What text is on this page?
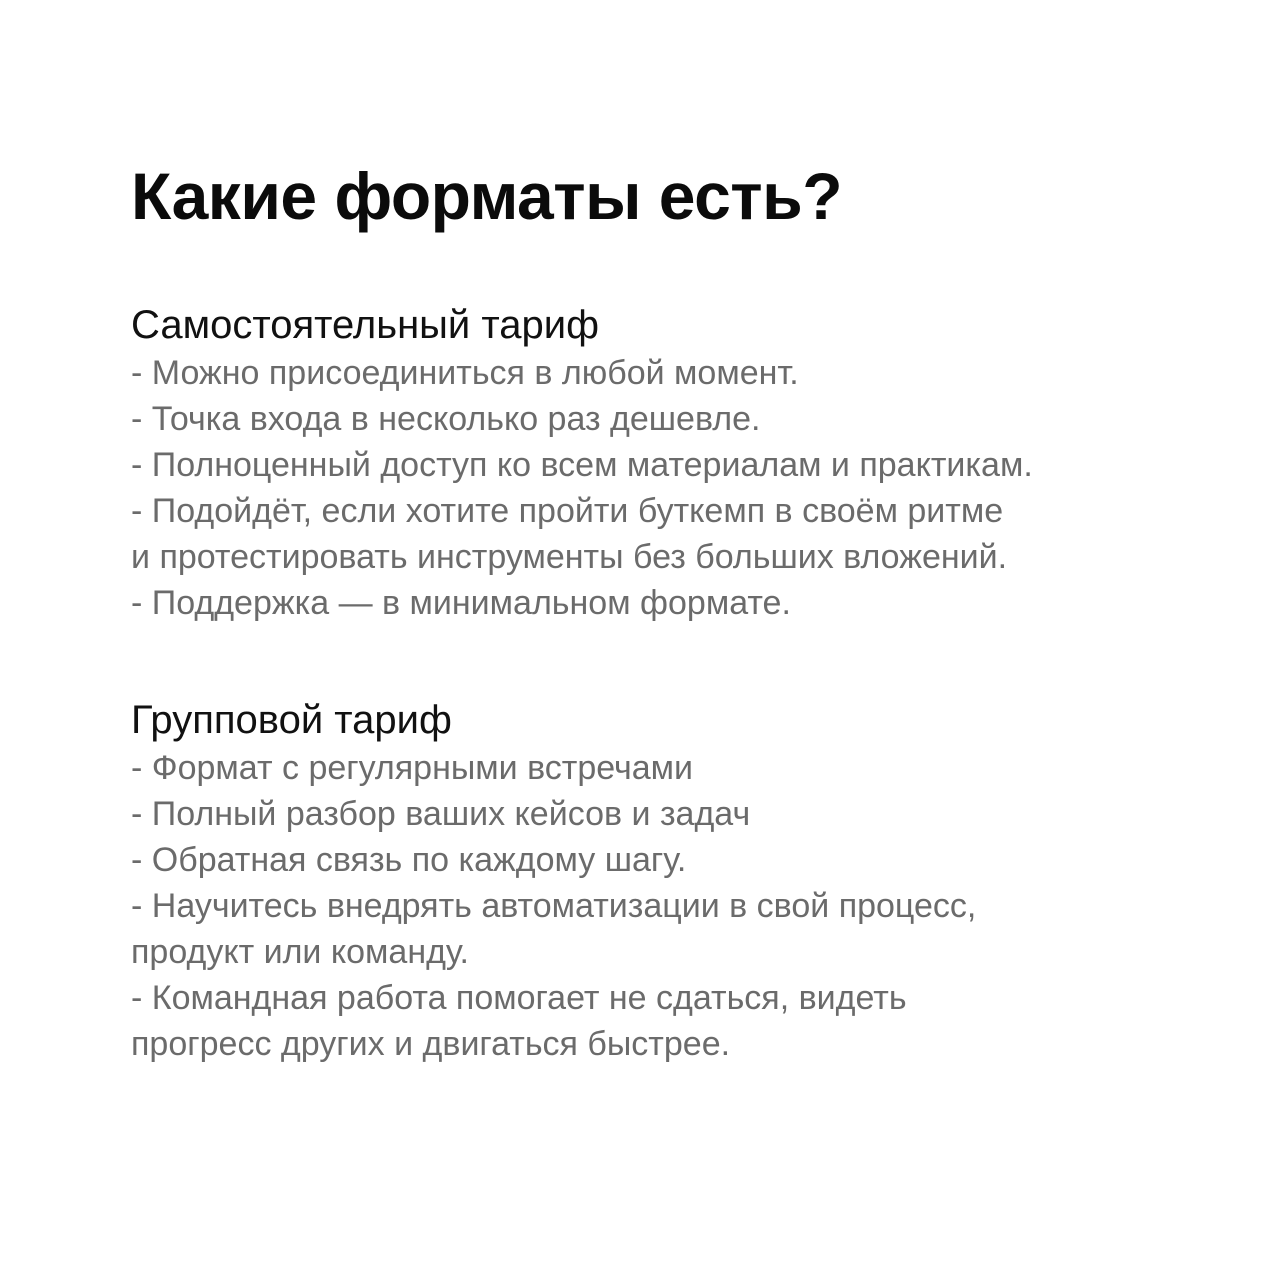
Какие форматы есть?
Самостоятельный тариф
- Можно присоединиться в любой момент.
- Точка входа в несколько раз дешевле.
- Полноценный доступ ко всем материалам и практикам.
- Подойдёт, если хотите пройти буткемп в своём ритме
и протестировать инструменты без больших вложений.
- Поддержка — в минимальном формате.
Групповой тариф
- Формат с регулярными встречами
- Полный разбор ваших кейсов и задач
- Обратная связь по каждому шагу.
- Научитесь внедрять автоматизации в свой процесс,
продукт или команду.
- Командная работа помогает не сдаться, видеть
прогресс других и двигаться быстрее.
